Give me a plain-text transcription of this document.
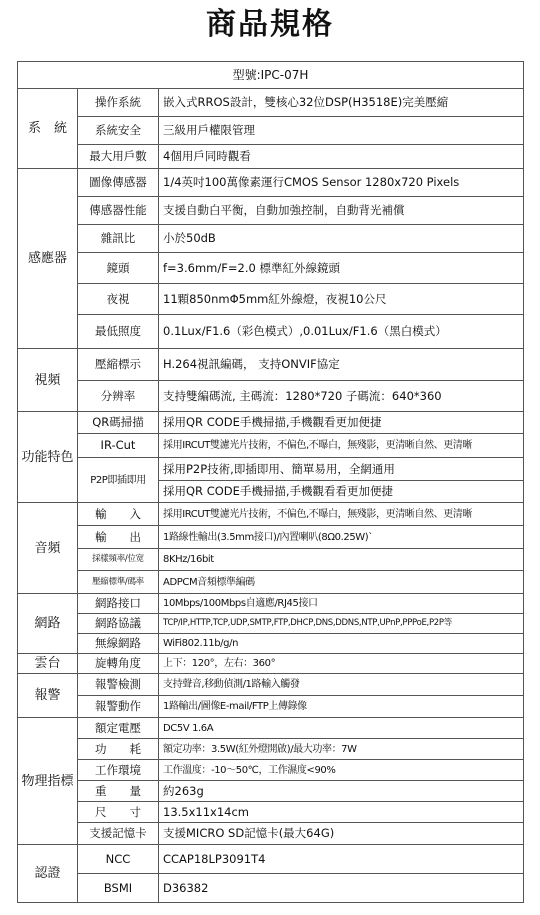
商品規格
型號:IPC-07H		
系　統	操作系統	嵌入式RROS設計，雙核心32位DSP(H3518E)完美壓縮
	系統安全	三級用戶權限管理
	最大用戶數	4個用戶同時觀看
感應器	圖像傳感器	1/4英吋100萬像素運行CMOS Sensor 1280x720 Pixels
	傳感器性能	支援自動白平衡，自動加強控制，自動背光補償
	雜訊比	小於50dB
	鏡頭	f=3.6mm/F=2.0 標準紅外線鏡頭
	夜視	11顆850nmΦ5mm紅外線燈，夜視10公尺
	最低照度	0.1Lux/F1.6（彩色模式）,0.01Lux/F1.6（黑白模式）
視頻	壓縮標示	H.264視訊編碼， 支持ONVIF協定
	分辨率	支持雙編碼流, 主碼流：1280*720 子碼流：640*360
功能特色	QR碼掃描	採用QR CODE手機掃描,手機觀看更加便捷
	IR-Cut	採用IRCUT雙濾光片技術，不偏色,不曝白，無殘影，更清晰自然、更清晰
	P2P即插即用	採用P2P技術,即插即用、簡單易用，全網通用
		採用QR CODE手機掃描,手機觀看看更加便捷
音頻	輸　　入	採用IRCUT雙濾光片技術，不偏色,不曝白，無殘影，更清晰自然、更清晰
	輸　　出	1路線性輸出(3.5mm接口)/內置喇叭(8Ω0.25W)`
	採樣頻率/位宽	8KHz/16bit
	壓縮標準/碼率	ADPCM音頻標準編碼
網路	網路接口	10Mbps/100Mbps自適應/RJ45接口
	網路協議	TCP/IP,HTTP,TCP,UDP,SMTP,FTP,DHCP,DNS,DDNS,NTP,UPnP,PPPoE,P2P等
	無線網路	WiFi802.11b/g/n
雲台	旋轉角度	上下：120°，左右：360°
報警	報警檢測	支持聲音,移動偵測/1路輸入觸發
	報警動作	1路輸出/圖像E-mail/FTP上傳錄像
物理指標	額定電壓	DC5V 1.6A
	功　　耗	額定功率：3.5W(紅外燈開啟)/最大功率：7W
	工作環境	工作溫度：-10～50℃，工作濕度<90%
	重　　量	約263g
	尺　　寸	13.5x11x14cm
	支援記憶卡	支援MICRO SD記憶卡(最大64G)
認證	NCC	CCAP18LP3091T4
	BSMI	D36382
